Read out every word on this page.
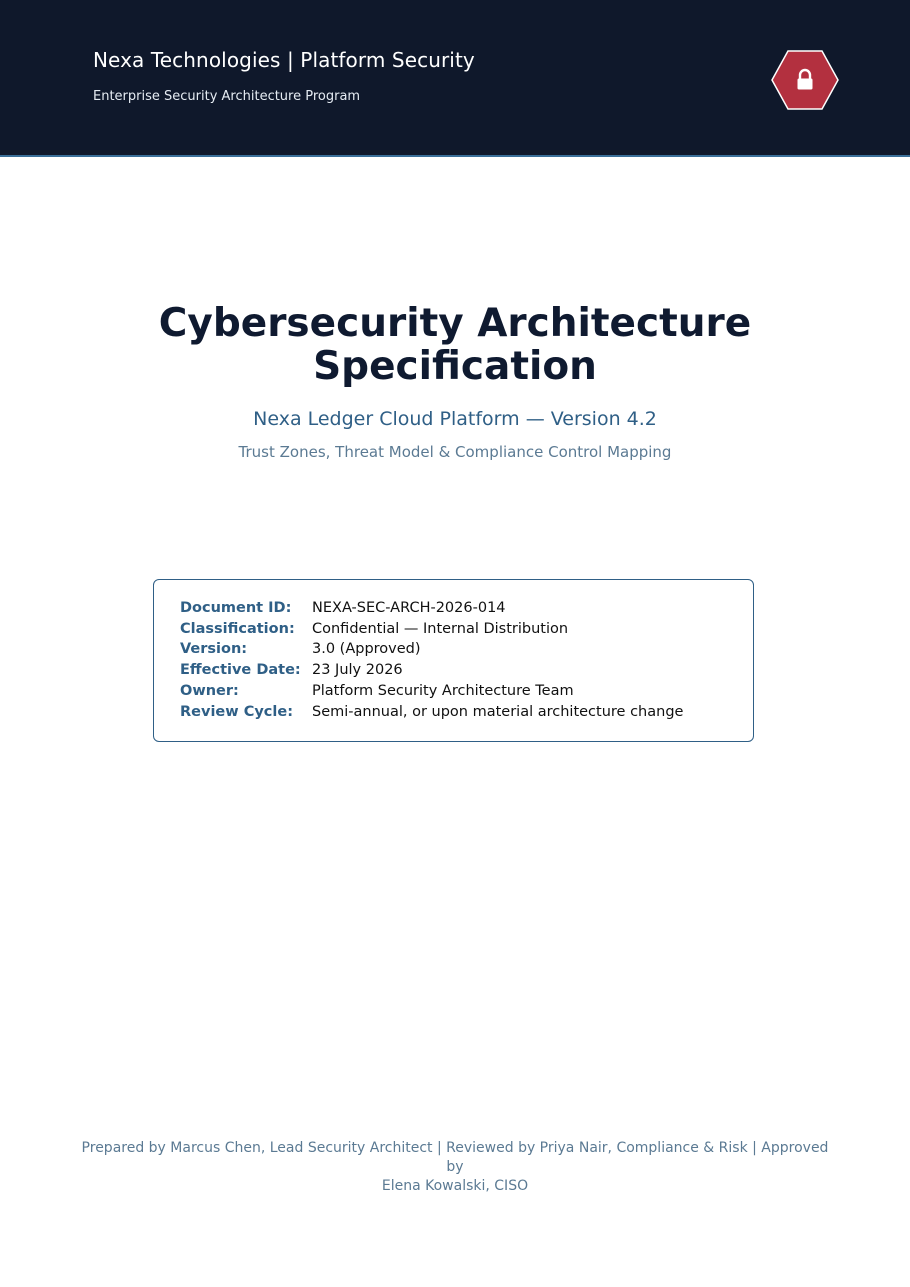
Nexa Technologies | Platform Security
Enterprise Security Architecture Program
Cybersecurity Architecture
Specification
Nexa Ledger Cloud Platform — Version 4.2
Trust Zones, Threat Model & Compliance Control Mapping
Document ID: NEXA-SEC-ARCH-2026-014
Classification: Confidential — Internal Distribution
Version:	3.0 (Approved)
Effective Date: 23 July 2026
Owner:	Platform Security Architecture Team
Review Cycle: Semi-annual, or upon material architecture change
Prepared by Marcus Chen, Lead Security Architect | Reviewed by Priya Nair, Compliance & Risk | Approved by
Elena Kowalski, CISO
